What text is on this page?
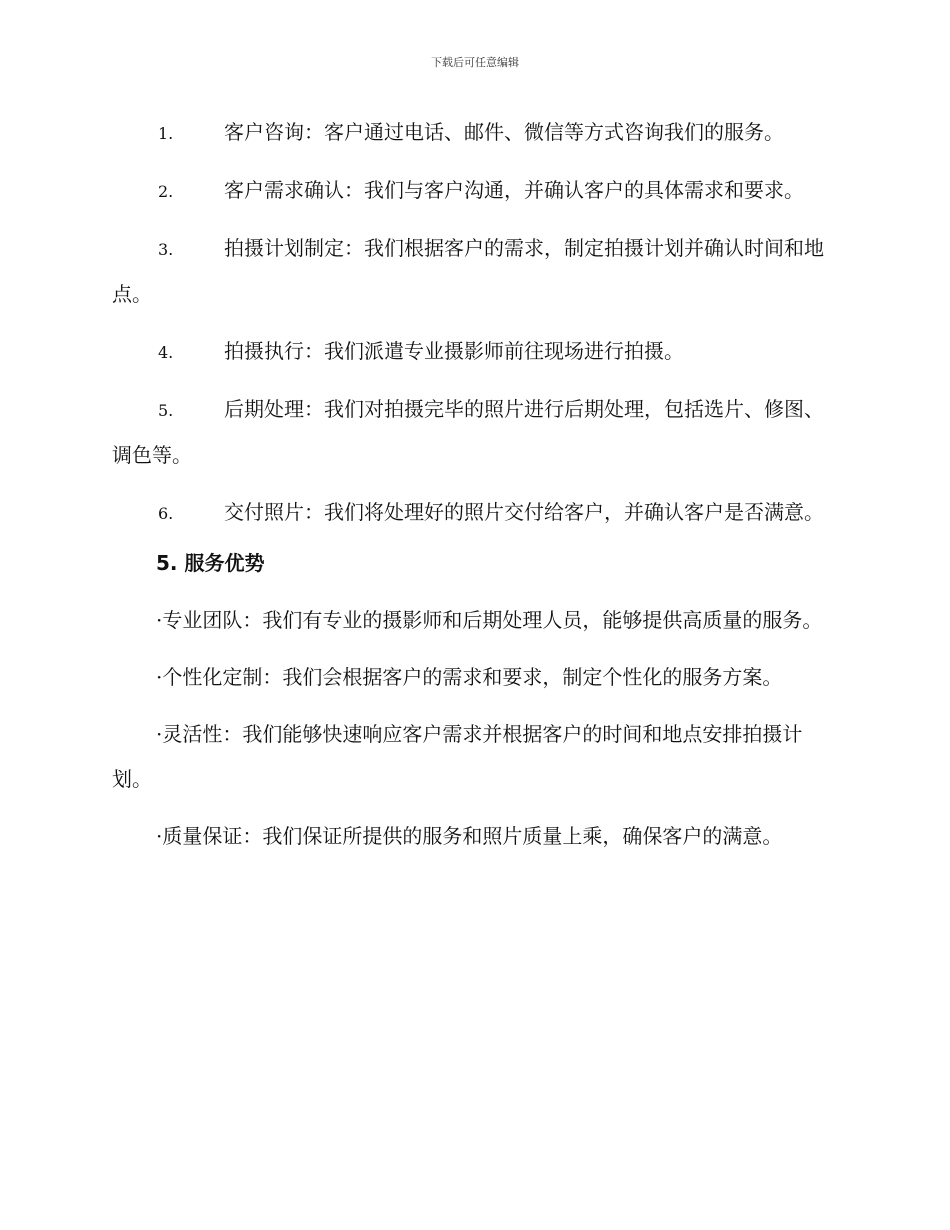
下载后可任意编辑

1.	客户咨询：客户通过电话、邮件、微信等方式咨询我们的服务。

2.	客户需求确认：我们与客户沟通，并确认客户的具体需求和要求。

3.	拍摄计划制定：我们根据客户的需求，制定拍摄计划并确认时间和地点。

4.	拍摄执行：我们派遣专业摄影师前往现场进行拍摄。

5.	后期处理：我们对拍摄完毕的照片进行后期处理，包括选片、修图、调色等。

6.	交付照片：我们将处理好的照片交付给客户，并确认客户是否满意。

5. 服务优势

·专业团队：我们有专业的摄影师和后期处理人员，能够提供高质量的服务。

·个性化定制：我们会根据客户的需求和要求，制定个性化的服务方案。

·灵活性：我们能够快速响应客户需求并根据客户的时间和地点安排拍摄计划。

·质量保证：我们保证所提供的服务和照片质量上乘，确保客户的满意。
